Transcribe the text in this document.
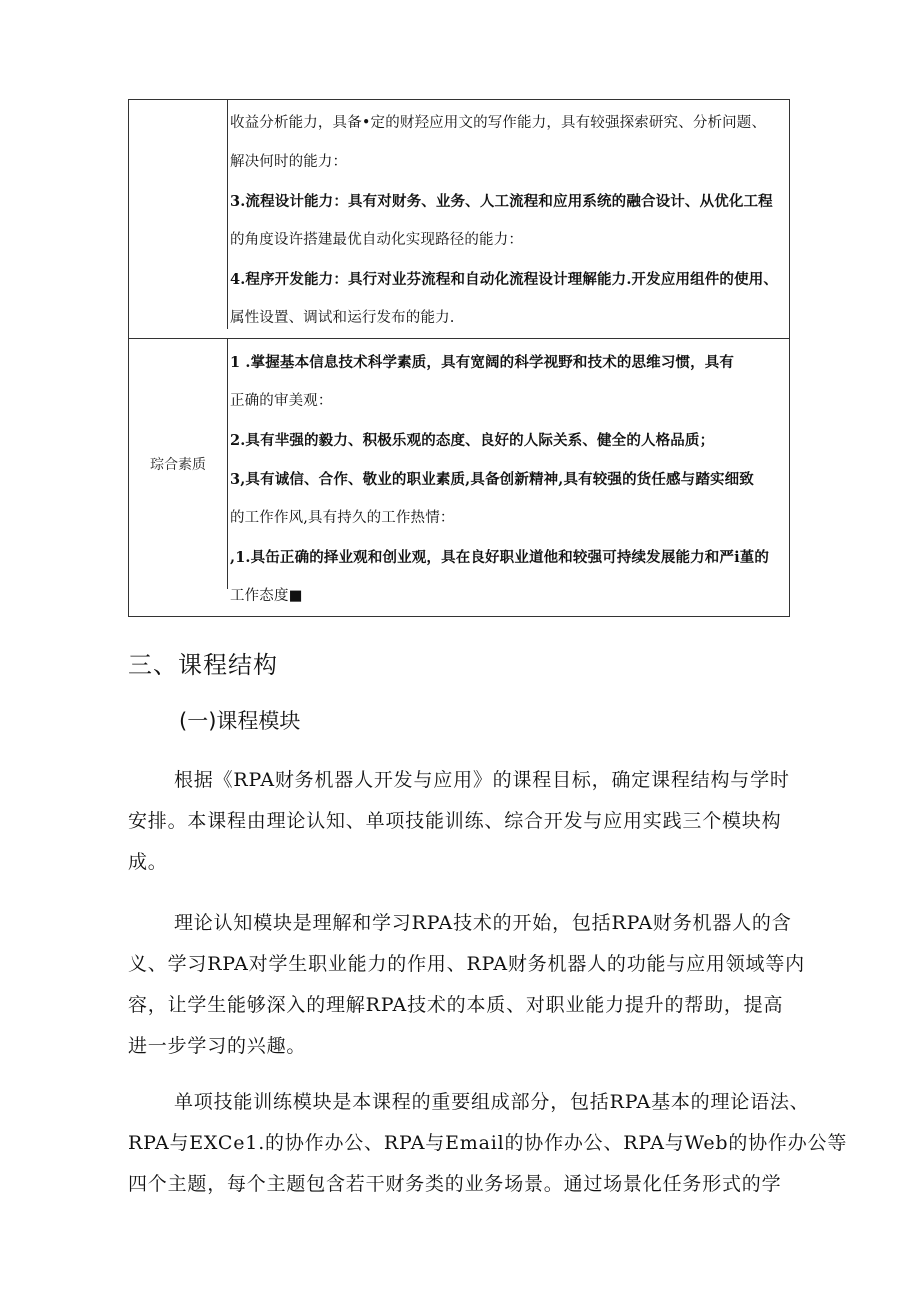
收益分析能力，具备•定的财羟应用文的写作能力，具有较强探索研究、分析问题、

解决何时的能力：

3.流程设计能力：具有对财务、业务、人工流程和应用系统的融合设计、从优化工程

的角度设许搭建最优自动化实现路径的能力：

4.程序开发能力：具行对业芬流程和自动化流程设计理解能力.开发应用组件的使用、

属性设置、调试和运行发布的能力.

琮合素质

1 .掌握基本信息技术科学素质，具有宽阔的科学视野和技术的思维习惯，具有

正确的审美观：

2.具有芈强的毅力、积极乐观的态度、良好的人际关系、健全的人格品质；

3,具有诚信、合作、敬业的职业素质,具备创新精神,具有较强的货任感与踏实细致

的工作作风,具有持久的工作热情：

,1.具缶正确的择业观和创业观，具在良好职业道他和较强可持续发展能力和严i堇的

工作态度■

三、课程结构
(一)课程模块

根据《RPA财务机器人开发与应用》的课程目标，确定课程结构与学时

安排。本课程由理论认知、单项技能训练、综合开发与应用实践三个模块构

成。

理论认知模块是理解和学习RPA技术的开始，包括RPA财务机器人的含

义、学习RPA对学生职业能力的作用、RPA财务机器人的功能与应用领域等内

容，让学生能够深入的理解RPA技术的本质、对职业能力提升的帮助，提高

进一步学习的兴趣。

单项技能训练模块是本课程的重要组成部分，包括RPA基本的理论语法、

RPA与EXCe1.的协作办公、RPA与Email的协作办公、RPA与Web的协作办公等

四个主题，每个主题包含若干财务类的业务场景。通过场景化任务形式的学
